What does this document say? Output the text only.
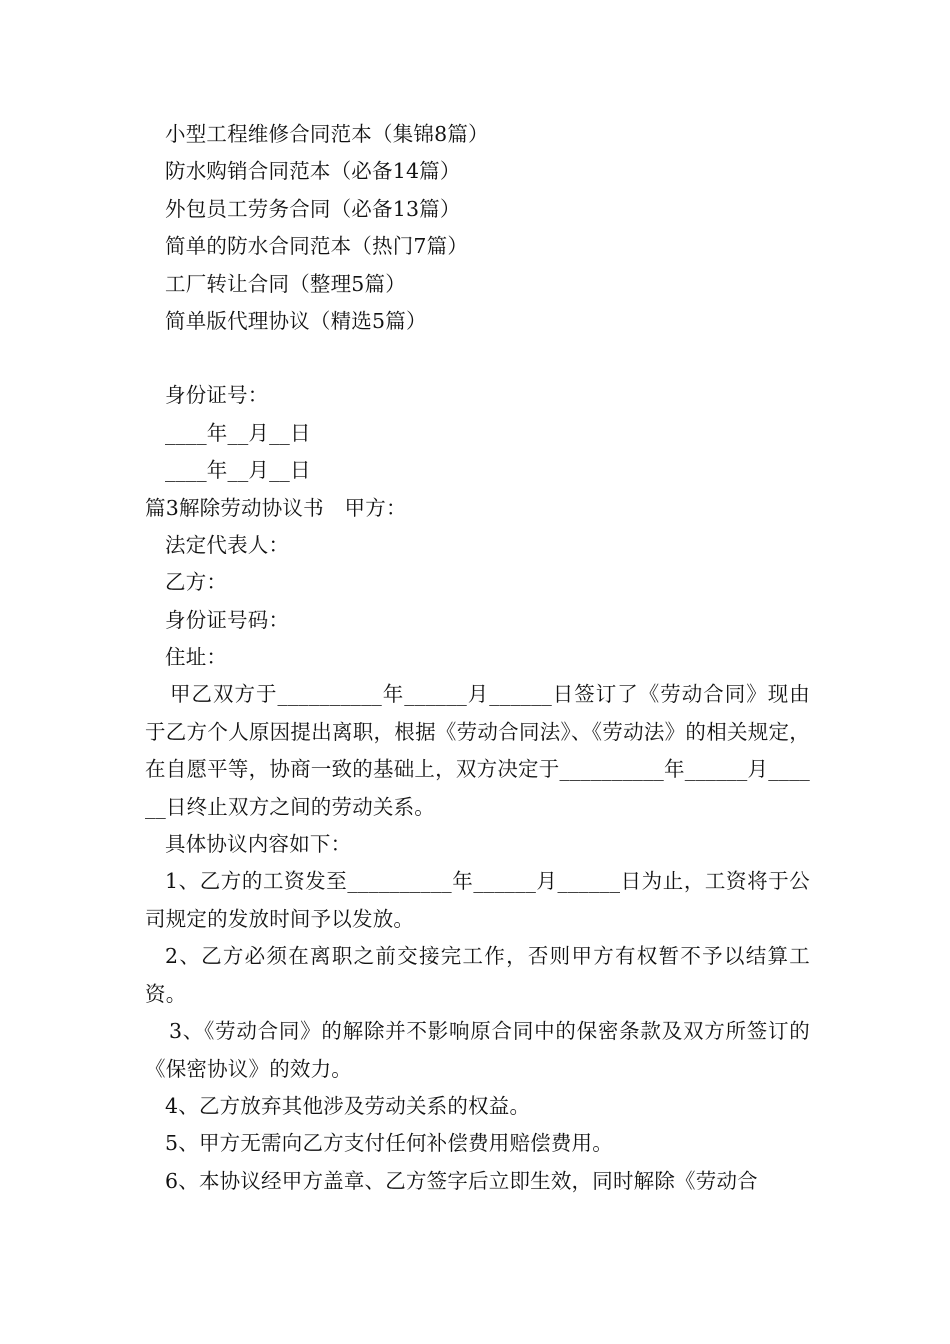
小型工程维修合同范本（集锦8篇）
防水购销合同范本（必备14篇）
外包员工劳务合同（必备13篇）
简单的防水合同范本（热门7篇）
工厂转让合同（整理5篇）
简单版代理协议（精选5篇）
身份证号：
____年__月__日
____年__月__日
篇3解除劳动协议书　甲方：
法定代表人：
乙方：
身份证号码：
住址：
甲乙双方于__________年______月______日签订了《劳动合同》现由于乙方个人原因提出离职，根据《劳动合同法》、《劳动法》的相关规定，在自愿平等，协商一致的基础上，双方决定于__________年______月______日终止双方之间的劳动关系。
具体协议内容如下：
1、乙方的工资发至__________年______月______日为止，工资将于公司规定的发放时间予以发放。
2、乙方必须在离职之前交接完工作，否则甲方有权暂不予以结算工资。
3、《劳动合同》的解除并不影响原合同中的保密条款及双方所签订的《保密协议》的效力。
4、乙方放弃其他涉及劳动关系的权益。
5、甲方无需向乙方支付任何补偿费用赔偿费用。
6、本协议经甲方盖章、乙方签字后立即生效，同时解除《劳动合
